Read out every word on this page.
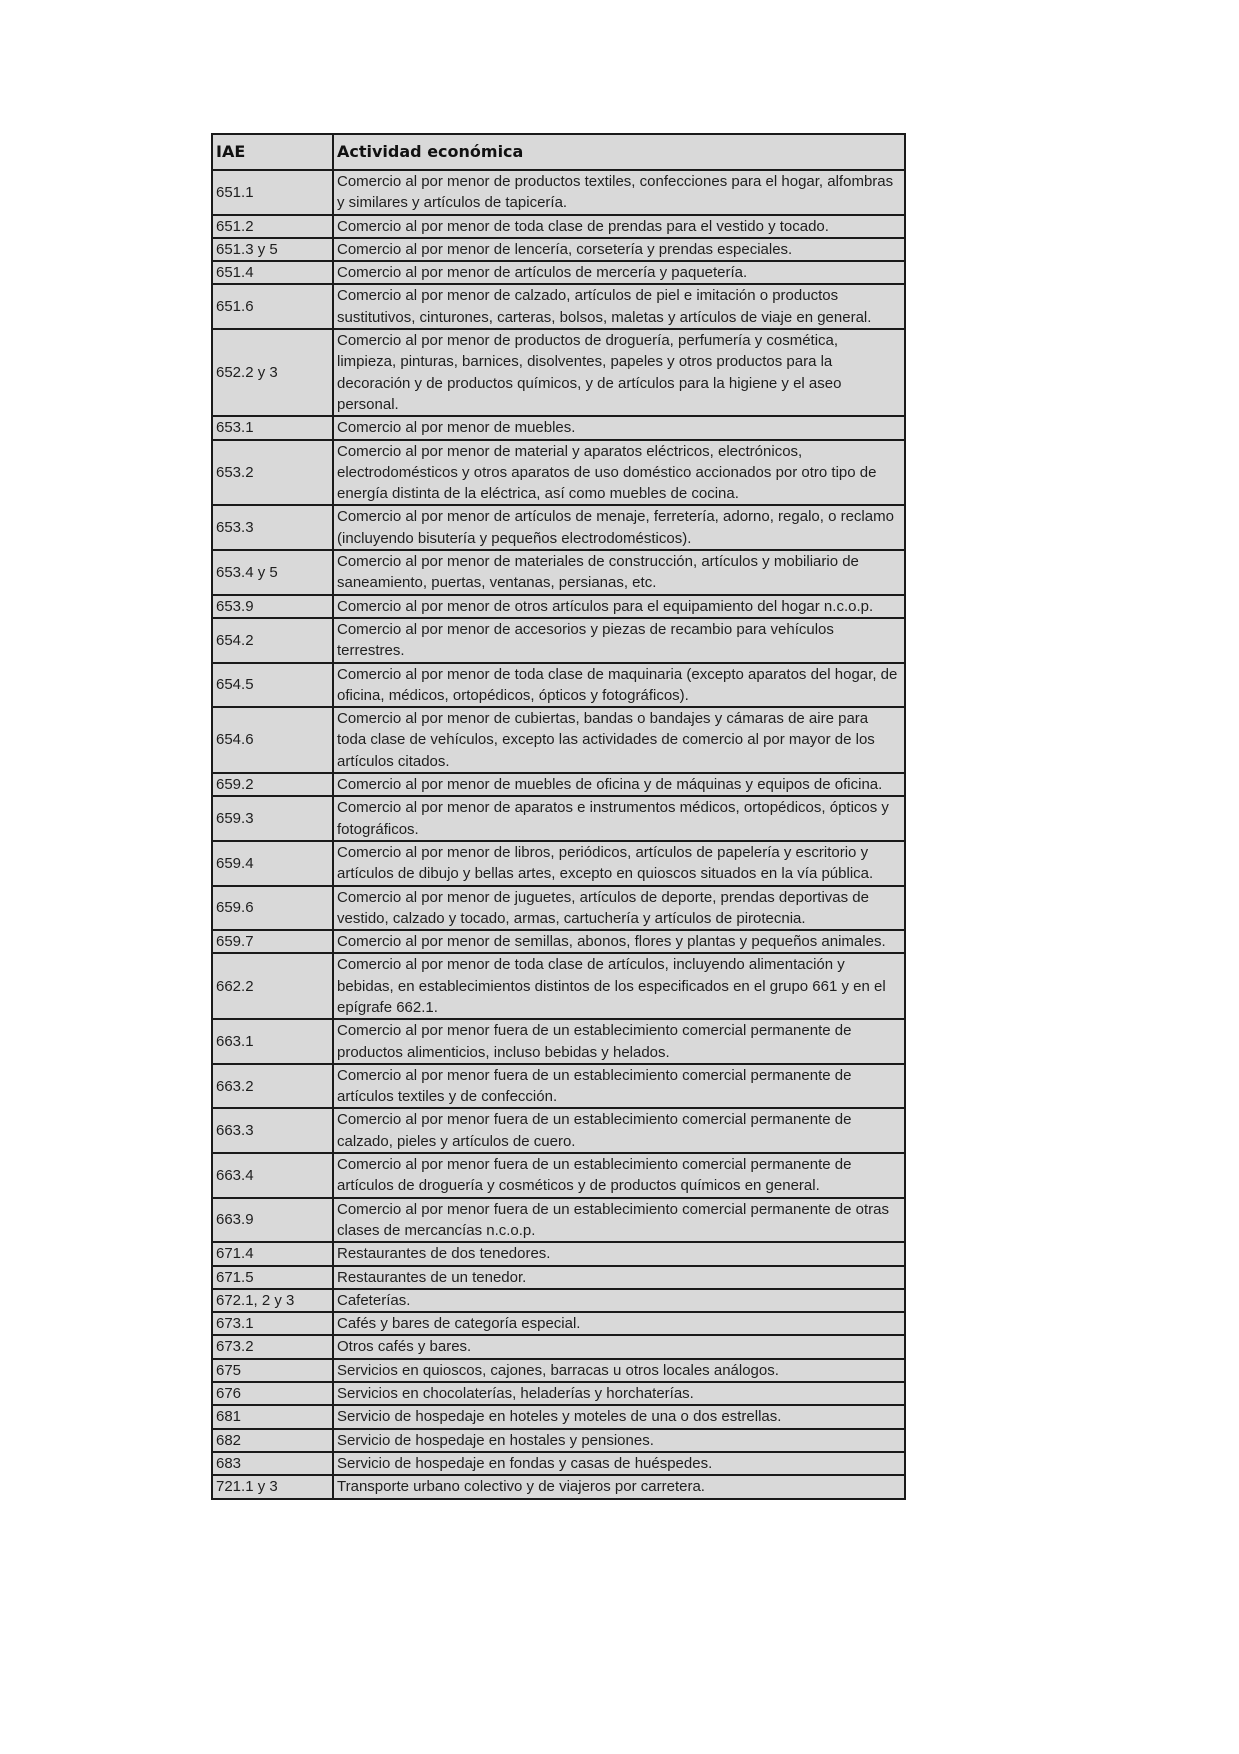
IAE	Actividad económica
651.1	Comercio al por menor de productos textiles, confecciones para el hogar, alfombras y similares y artículos de tapicería.
651.2	Comercio al por menor de toda clase de prendas para el vestido y tocado.
651.3 y 5	Comercio al por menor de lencería, corsetería y prendas especiales.
651.4	Comercio al por menor de artículos de mercería y paquetería.
651.6	Comercio al por menor de calzado, artículos de piel e imitación o productos sustitutivos, cinturones, carteras, bolsos, maletas y artículos de viaje en general.
652.2 y 3	Comercio al por menor de productos de droguería, perfumería y cosmética, limpieza, pinturas, barnices, disolventes, papeles y otros productos para la decoración y de productos químicos, y de artículos para la higiene y el aseo personal.
653.1	Comercio al por menor de muebles.
653.2	Comercio al por menor de material y aparatos eléctricos, electrónicos, electrodomésticos y otros aparatos de uso doméstico accionados por otro tipo de energía distinta de la eléctrica, así como muebles de cocina.
653.3	Comercio al por menor de artículos de menaje, ferretería, adorno, regalo, o reclamo (incluyendo bisutería y pequeños electrodomésticos).
653.4 y 5	Comercio al por menor de materiales de construcción, artículos y mobiliario de saneamiento, puertas, ventanas, persianas, etc.
653.9	Comercio al por menor de otros artículos para el equipamiento del hogar n.c.o.p.
654.2	Comercio al por menor de accesorios y piezas de recambio para vehículos terrestres.
654.5	Comercio al por menor de toda clase de maquinaria (excepto aparatos del hogar, de oficina, médicos, ortopédicos, ópticos y fotográficos).
654.6	Comercio al por menor de cubiertas, bandas o bandajes y cámaras de aire para toda clase de vehículos, excepto las actividades de comercio al por mayor de los artículos citados.
659.2	Comercio al por menor de muebles de oficina y de máquinas y equipos de oficina.
659.3	Comercio al por menor de aparatos e instrumentos médicos, ortopédicos, ópticos y fotográficos.
659.4	Comercio al por menor de libros, periódicos, artículos de papelería y escritorio y artículos de dibujo y bellas artes, excepto en quioscos situados en la vía pública.
659.6	Comercio al por menor de juguetes, artículos de deporte, prendas deportivas de vestido, calzado y tocado, armas, cartuchería y artículos de pirotecnia.
659.7	Comercio al por menor de semillas, abonos, flores y plantas y pequeños animales.
662.2	Comercio al por menor de toda clase de artículos, incluyendo alimentación y bebidas, en establecimientos distintos de los especificados en el grupo 661 y en el epígrafe 662.1.
663.1	Comercio al por menor fuera de un establecimiento comercial permanente de productos alimenticios, incluso bebidas y helados.
663.2	Comercio al por menor fuera de un establecimiento comercial permanente de artículos textiles y de confección.
663.3	Comercio al por menor fuera de un establecimiento comercial permanente de calzado, pieles y artículos de cuero.
663.4	Comercio al por menor fuera de un establecimiento comercial permanente de artículos de droguería y cosméticos y de productos químicos en general.
663.9	Comercio al por menor fuera de un establecimiento comercial permanente de otras clases de mercancías n.c.o.p.
671.4	Restaurantes de dos tenedores.
671.5	Restaurantes de un tenedor.
672.1, 2 y 3	Cafeterías.
673.1	Cafés y bares de categoría especial.
673.2	Otros cafés y bares.
675	Servicios en quioscos, cajones, barracas u otros locales análogos.
676	Servicios en chocolaterías, heladerías y horchaterías.
681	Servicio de hospedaje en hoteles y moteles de una o dos estrellas.
682	Servicio de hospedaje en hostales y pensiones.
683	Servicio de hospedaje en fondas y casas de huéspedes.
721.1 y 3	Transporte urbano colectivo y de viajeros por carretera.
